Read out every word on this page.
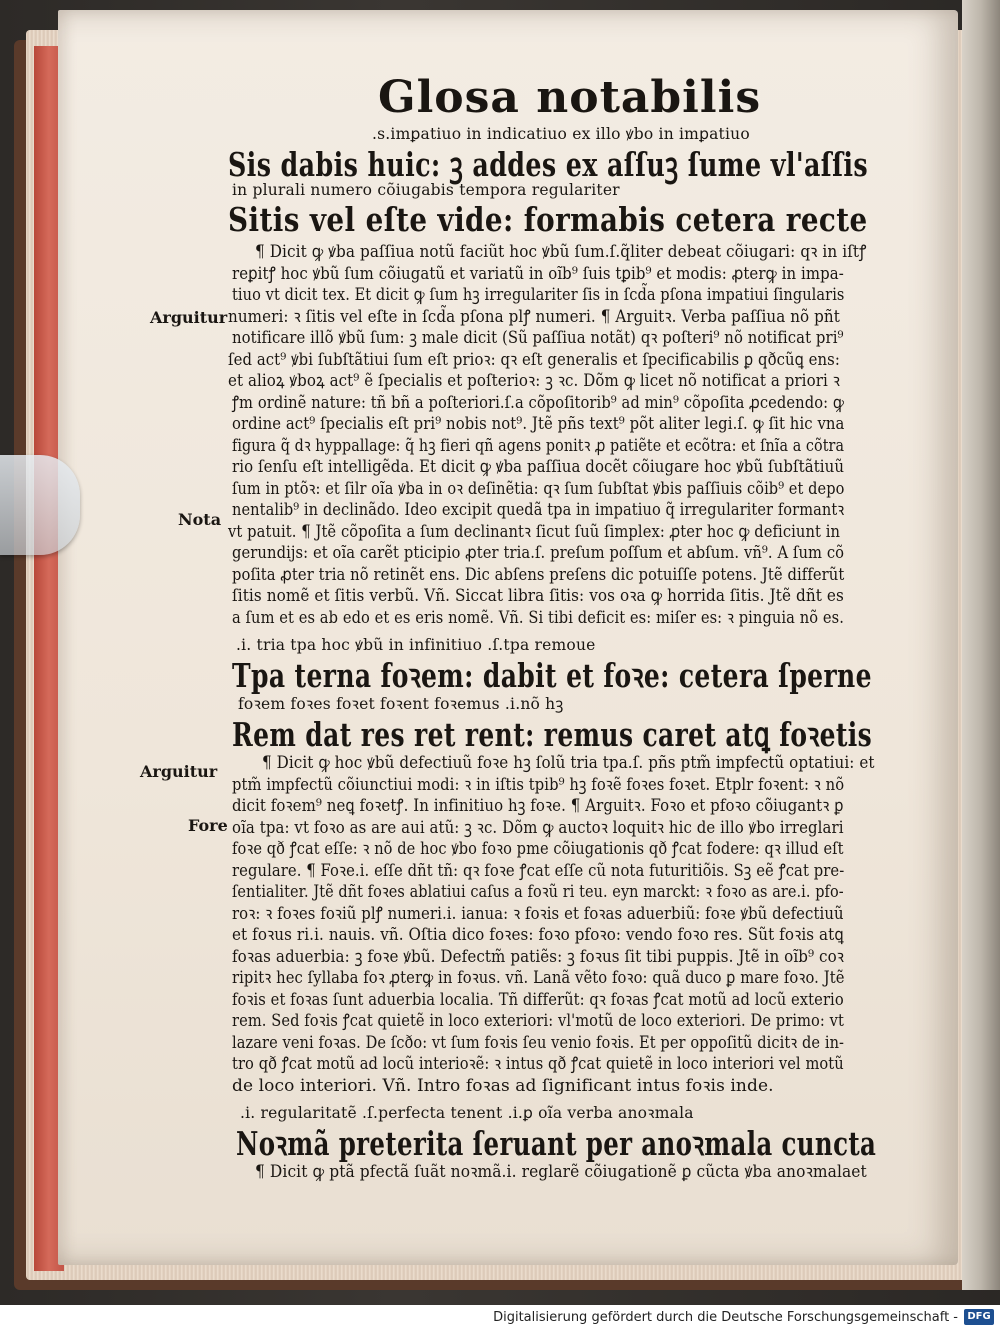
Glosa notabilis
.s.imꝑatiuo in indicatiuo ex illo ꝟbo in imꝑatiuo
Sis dabis huic: ꝫ addes ex aſſuꝫ ſume vl'aſſis
in plurali numero cõiugabis tempora regulariter
Sitis vel eſte vide: formabis cetera recte
¶ Dicit ꝙ ꝟba paſſiua notũ faciũt hoc ꝟbũ ſum.ſ.q̃liter debeat cõiugari: qꝛ in iſtꝭ
reꝑitꝭ hoc ꝟbũ ſum cõiugatũ et variatũ in oĩb⁹ ſuis tꝑib⁹ et modis: ꝓterꝙ in impa-
tiuo vt dicit tex. Et dicit ꝙ ſum hꝫ irregulariter ſis in ſcd̃a pſona impatiui ſingularis
numeri: ꝛ ſitis vel eſte in ſcd̃a pſona plꝭ numeri. ¶ Arguitꝛ. Verba paſſiua nõ pñt
notificare illõ ꝟbũ ſum: ꝫ male dicit (Sũ paſſiua notãt) qꝛ poſteri⁹ nõ notificat pri⁹
ſed act⁹ ꝟbi ſubſtãtiui ſum eſt prioꝛ: qꝛ eſt generalis et ſpecificabilis ꝑ qðcũꝗ ens:
et alioꝝ ꝟboꝝ act⁹ ẽ ſpecialis et poſterioꝛ: ꝫ ꝛc. Dõm ꝙ licet nõ notificat a priori ꝛ
ꝭm ordinẽ nature: tñ bñ a poſteriori.ſ.a cõpoſitorib⁹ ad min⁹ cõpoſita ꝓcedendo: ꝙ
ordine act⁹ ſpecialis eſt pri⁹ nobis not⁹. Jtẽ pñs text⁹ põt aliter legi.ſ. ꝙ ſit hic vna
figura q̃ dꝛ hyppallage: q̃ hꝫ fieri qñ agens ponitꝛ ꝓ patiẽte et ecõtra: et ſnĩa a cõtra
rio ſenſu eſt intelligẽda. Et dicit ꝙ ꝟba paſſiua docẽt cõiugare hoc ꝟbũ ſubſtãtiuũ
ſum in ptõꝛ: et ſilr oĩa ꝟba in oꝛ deſinẽtia: qꝛ ſum ſubſtat ꝟbis paſſiuis cõib⁹ et depo
nentalib⁹ in declinãdo. Ideo excipit quedã tpa in impatiuo q̃ irregulariter formantꝛ
vt patuit. ¶ Jtẽ cõpoſita a ſum declinantꝛ ſicut ſuũ ſimplex: ꝓter hoc ꝙ deficiunt in
gerundijs: et oĩa carẽt pticipio ꝓter tria.ſ. preſum poſſum et abſum. vñ⁹. A ſum cõ
poſita ꝓter tria nõ retinẽt ens. Dic abſens preſens dic potuiſſe potens. Jtẽ differũt
ſitis nomẽ et ſitis verbũ. Vñ. Siccat libra ſitis: vos oꝛa ꝙ horrida ſitis. Jtẽ dñt es
a ſum et es ab edo et es eris nomẽ. Vñ. Si tibi deficit es: miſer es: ꝛ pinguia nõ es.
.i. tria tpa hoc ꝟbũ in infinitiuo .ſ.tpa remoue
Tpa terna foꝛem: dabit et foꝛe: cetera ſperne
foꝛem foꝛes foꝛet foꝛent foꝛemus .i.nõ hꝫ
Rem dat res ret rent: remus caret atꝗ foꝛetis
¶ Dicit ꝙ hoc ꝟbũ defectiuũ foꝛe hꝫ ſolũ tria tpa.ſ. pñs ptm̃ impfectũ optatiui: et
ptm̃ impfectũ cõiunctiui modi: ꝛ in iſtis tpib⁹ hꝫ foꝛẽ foꝛes foꝛet. Etplr foꝛent: ꝛ nõ
dicit foꝛem⁹ neꝗ foꝛetꝭ. In infinitiuo hꝫ foꝛe. ¶ Arguitꝛ. Foꝛo et pfoꝛo cõiugantꝛ ꝑ
oĩa tpa: vt foꝛo as are aui atũ: ꝫ ꝛc. Dõm ꝙ auctoꝛ loquitꝛ hic de illo ꝟbo irreglari
foꝛe qð ꝭcat eſſe: ꝛ nõ de hoc ꝟbo foꝛo pme cõiugationis qð ꝭcat fodere: qꝛ illud eſt
regulare. ¶ Foꝛe.i. eſſe dñt tñ: qꝛ foꝛe ꝭcat eſſe cũ nota futuritiõis. Sꝫ eẽ ꝭcat pre-
ſentialiter. Jtẽ dñt foꝛes ablatiui caſus a foꝛũ ri teu. eyn marckt: ꝛ foꝛo as are.i. pfo-
roꝛ: ꝛ foꝛes foꝛiũ plꝭ numeri.i. ianua: ꝛ foꝛis et foꝛas aduerbiũ: foꝛe ꝟbũ defectiuũ
et foꝛus ri.i. nauis. vñ. Oſtia dico foꝛes: foꝛo pfoꝛo: vendo foꝛo res. Sũt foꝛis atꝗ
foꝛas aduerbia: ꝫ foꝛe ꝟbũ. Defectm̃ patiẽs: ꝫ foꝛus ſit tibi puppis. Jtẽ in oĩb⁹ coꝛ
ripitꝛ hec ſyllaba foꝛ ꝓterꝙ in foꝛus. vñ. Lanã vẽto foꝛo: quã duco ꝑ mare foꝛo. Jtẽ
foꝛis et foꝛas ſunt aduerbia localia. Tñ differũt: qꝛ foꝛas ꝭcat motũ ad locũ exterio
rem. Sed foꝛis ꝭcat quietẽ in loco exteriori: vl'motũ de loco exteriori. De primo: vt
lazare veni foꝛas. De ſcðo: vt ſum foꝛis ſeu venio foꝛis. Et per oppoſitũ dicitꝛ de in-
tro qð ꝭcat motũ ad locũ interioꝛẽ: ꝛ intus qð ꝭcat quietẽ in loco interiori vel motũ
de loco interiori. Vñ. Intro foꝛas ad ſignificant intus foꝛis inde.
.i. regularitatẽ .ſ.perfecta tenent .i.ꝑ oĩa verba anoꝛmala
Noꝛmã preterita ſeruant per anoꝛmala cuncta
¶ Dicit ꝙ ptã pfectã ſuãt noꝛmã.i. reglarẽ cõiugationẽ ꝑ cũcta ꝟba anoꝛmalaet
Arguitur
Nota
Arguitur
Fore
Digitalisierung gefördert durch die Deutsche Forschungsgemeinschaft - DFG
